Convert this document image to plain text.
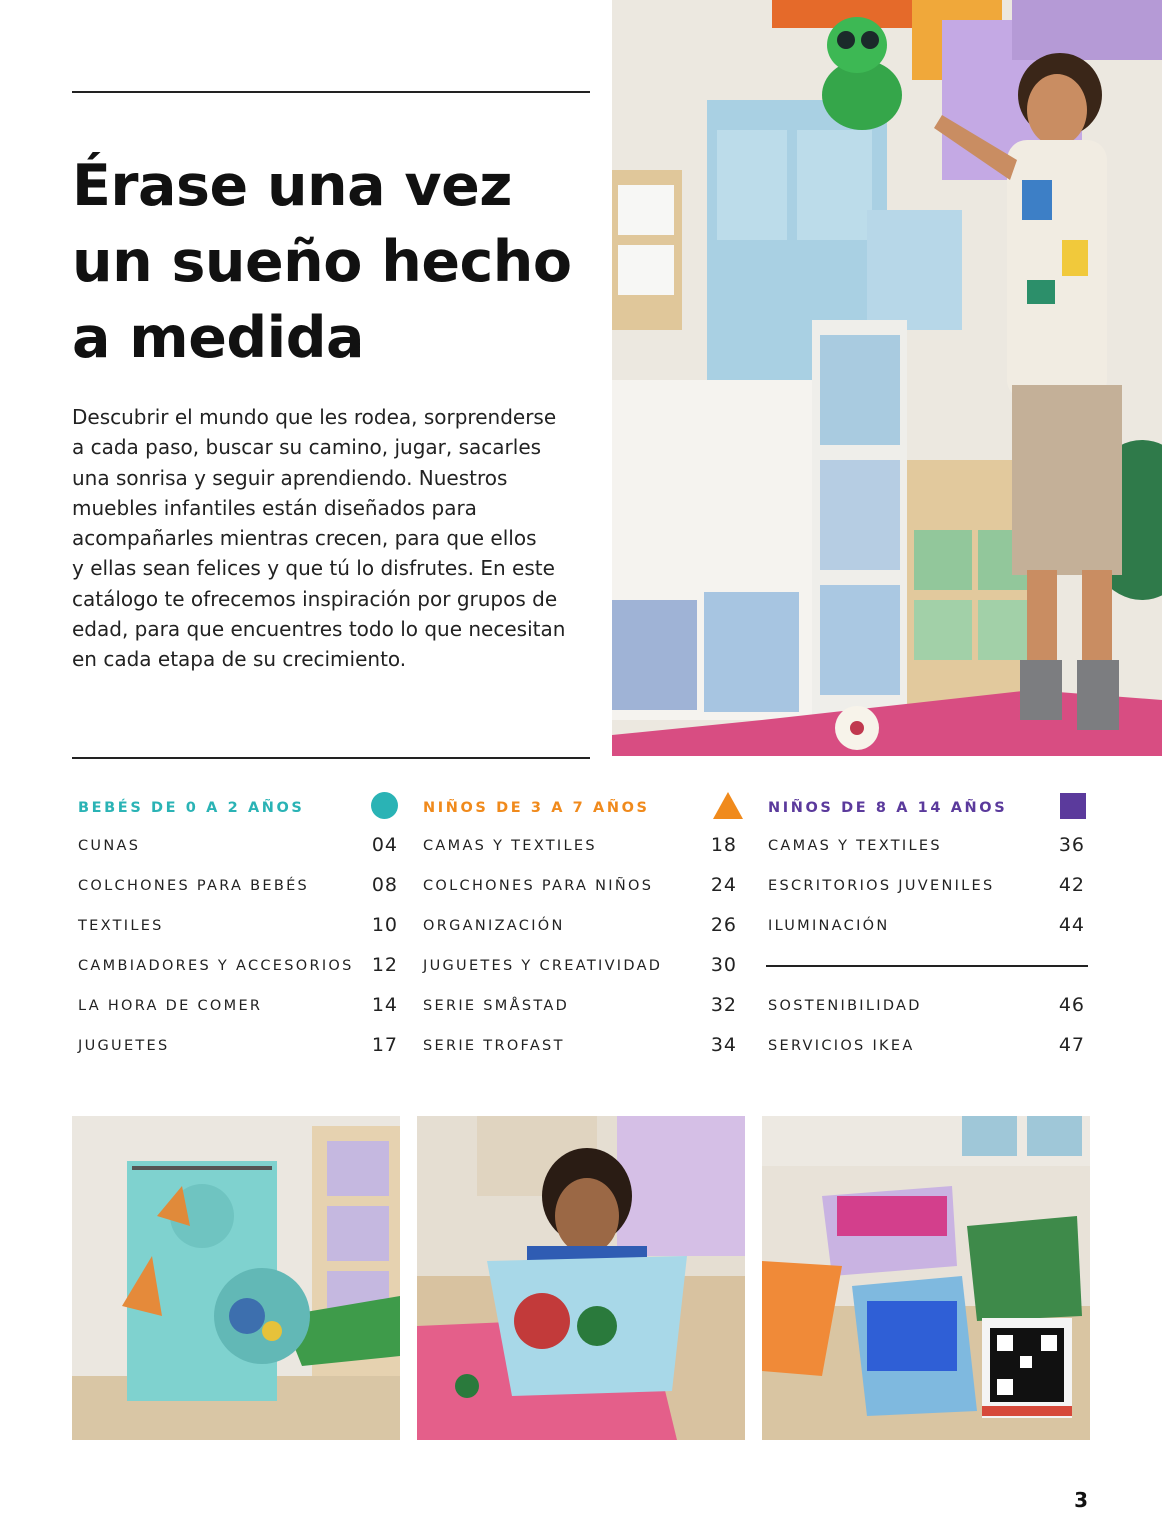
Érase una vez
un sueño hecho
a medida
Descubrir el mundo que les rodea, sorprenderse
a cada paso, buscar su camino, jugar, sacarles
una sonrisa y seguir aprendiendo. Nuestros
muebles infantiles están diseñados para
acompañarles mientras crecen, para que ellos
y ellas sean felices y que tú lo disfrutes. En este
catálogo te ofrecemos inspiración por grupos de
edad, para que encuentres todo lo que necesitan
en cada etapa de su crecimiento.
BEBÉS DE 0 A 2 AÑOS
CUNAS	04
COLCHONES PARA BEBÉS	08
TEXTILES	10
CAMBIADORES Y ACCESORIOS 12
LA HORA DE COMER	14
JUGUETES	17
NIÑOS DE 3 A 7 AÑOS
CAMAS Y TEXTILES	18
COLCHONES PARA NIÑOS	24
ORGANIZACIÓN	26
JUGUETES Y CREATIVIDAD	30
SERIE SMÅSTAD	32
SERIE TROFAST	34
NIÑOS DE 8 A 14 AÑOS
CAMAS Y TEXTILES	36
ESCRITORIOS JUVENILES	42
ILUMINACIÓN	44
SOSTENIBILIDAD	46
SERVICIOS IKEA	47
3
